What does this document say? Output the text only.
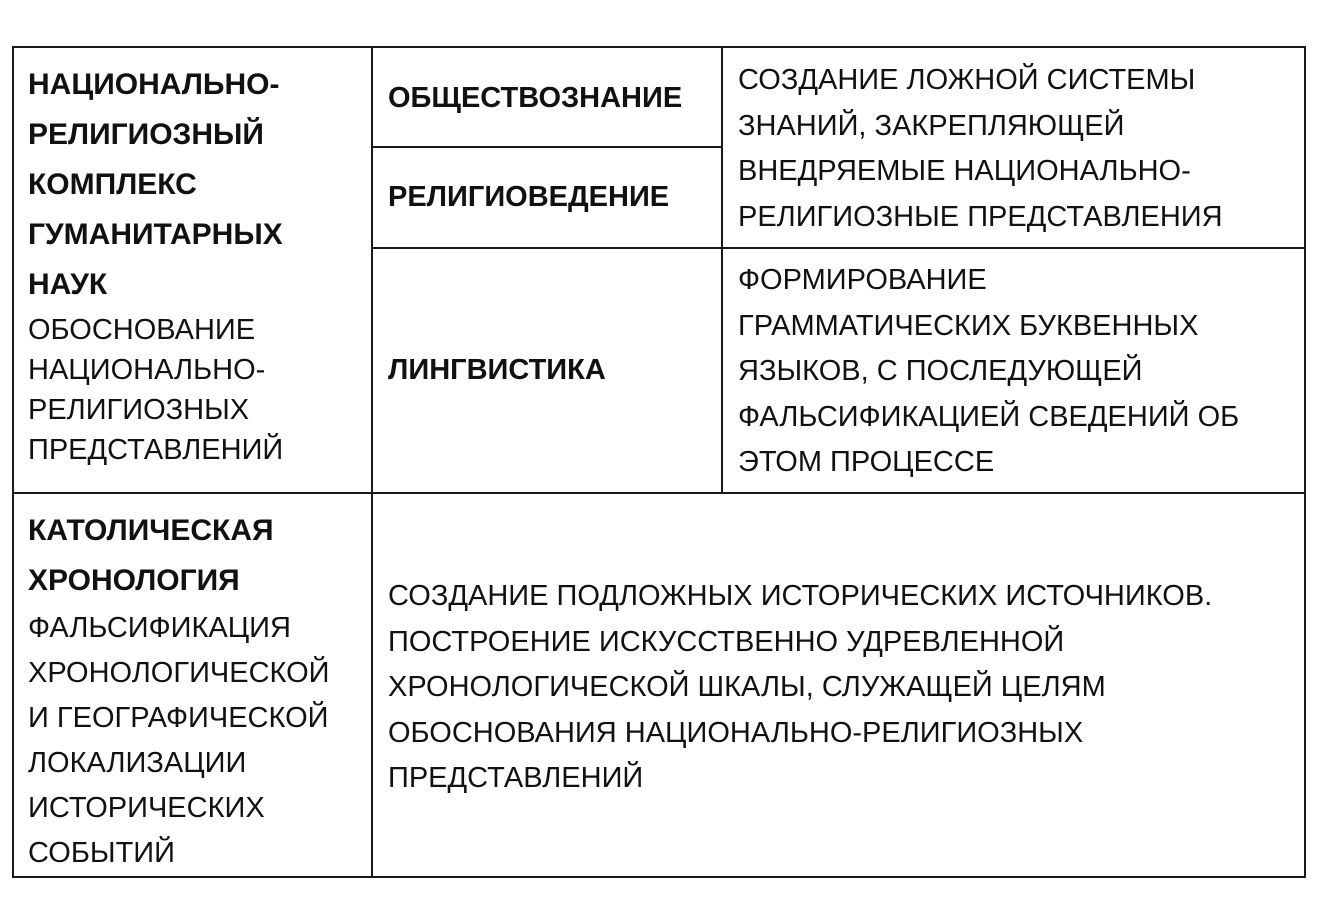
НАЦИОНАЛЬНО-
РЕЛИГИОЗНЫЙ
КОМПЛЕКС
ГУМАНИТАРНЫХ
НАУК
ОБОСНОВАНИЕ
НАЦИОНАЛЬНО-
РЕЛИГИОЗНЫХ
ПРЕДСТАВЛЕНИЙ
ОБЩЕСТВОЗНАНИЕ
РЕЛИГИОВЕДЕНИЕ
ЛИНГВИСТИКА
СОЗДАНИЕ ЛОЖНОЙ СИСТЕМЫ
ЗНАНИЙ, ЗАКРЕПЛЯЮЩЕЙ
ВНЕДРЯЕМЫЕ НАЦИОНАЛЬНО-
РЕЛИГИОЗНЫЕ ПРЕДСТАВЛЕНИЯ
ФОРМИРОВАНИЕ
ГРАММАТИЧЕСКИХ БУКВЕННЫХ
ЯЗЫКОВ, С ПОСЛЕДУЮЩЕЙ
ФАЛЬСИФИКАЦИЕЙ СВЕДЕНИЙ ОБ
ЭТОМ ПРОЦЕССЕ
КАТОЛИЧЕСКАЯ
ХРОНОЛОГИЯ
ФАЛЬСИФИКАЦИЯ
ХРОНОЛОГИЧЕСКОЙ
И ГЕОГРАФИЧЕСКОЙ
ЛОКАЛИЗАЦИИ
ИСТОРИЧЕСКИХ
СОБЫТИЙ
СОЗДАНИЕ ПОДЛОЖНЫХ ИСТОРИЧЕСКИХ ИСТОЧНИКОВ.
ПОСТРОЕНИЕ ИСКУССТВЕННО УДРЕВЛЕННОЙ
ХРОНОЛОГИЧЕСКОЙ ШКАЛЫ, СЛУЖАЩЕЙ ЦЕЛЯМ
ОБОСНОВАНИЯ НАЦИОНАЛЬНО-РЕЛИГИОЗНЫХ
ПРЕДСТАВЛЕНИЙ
